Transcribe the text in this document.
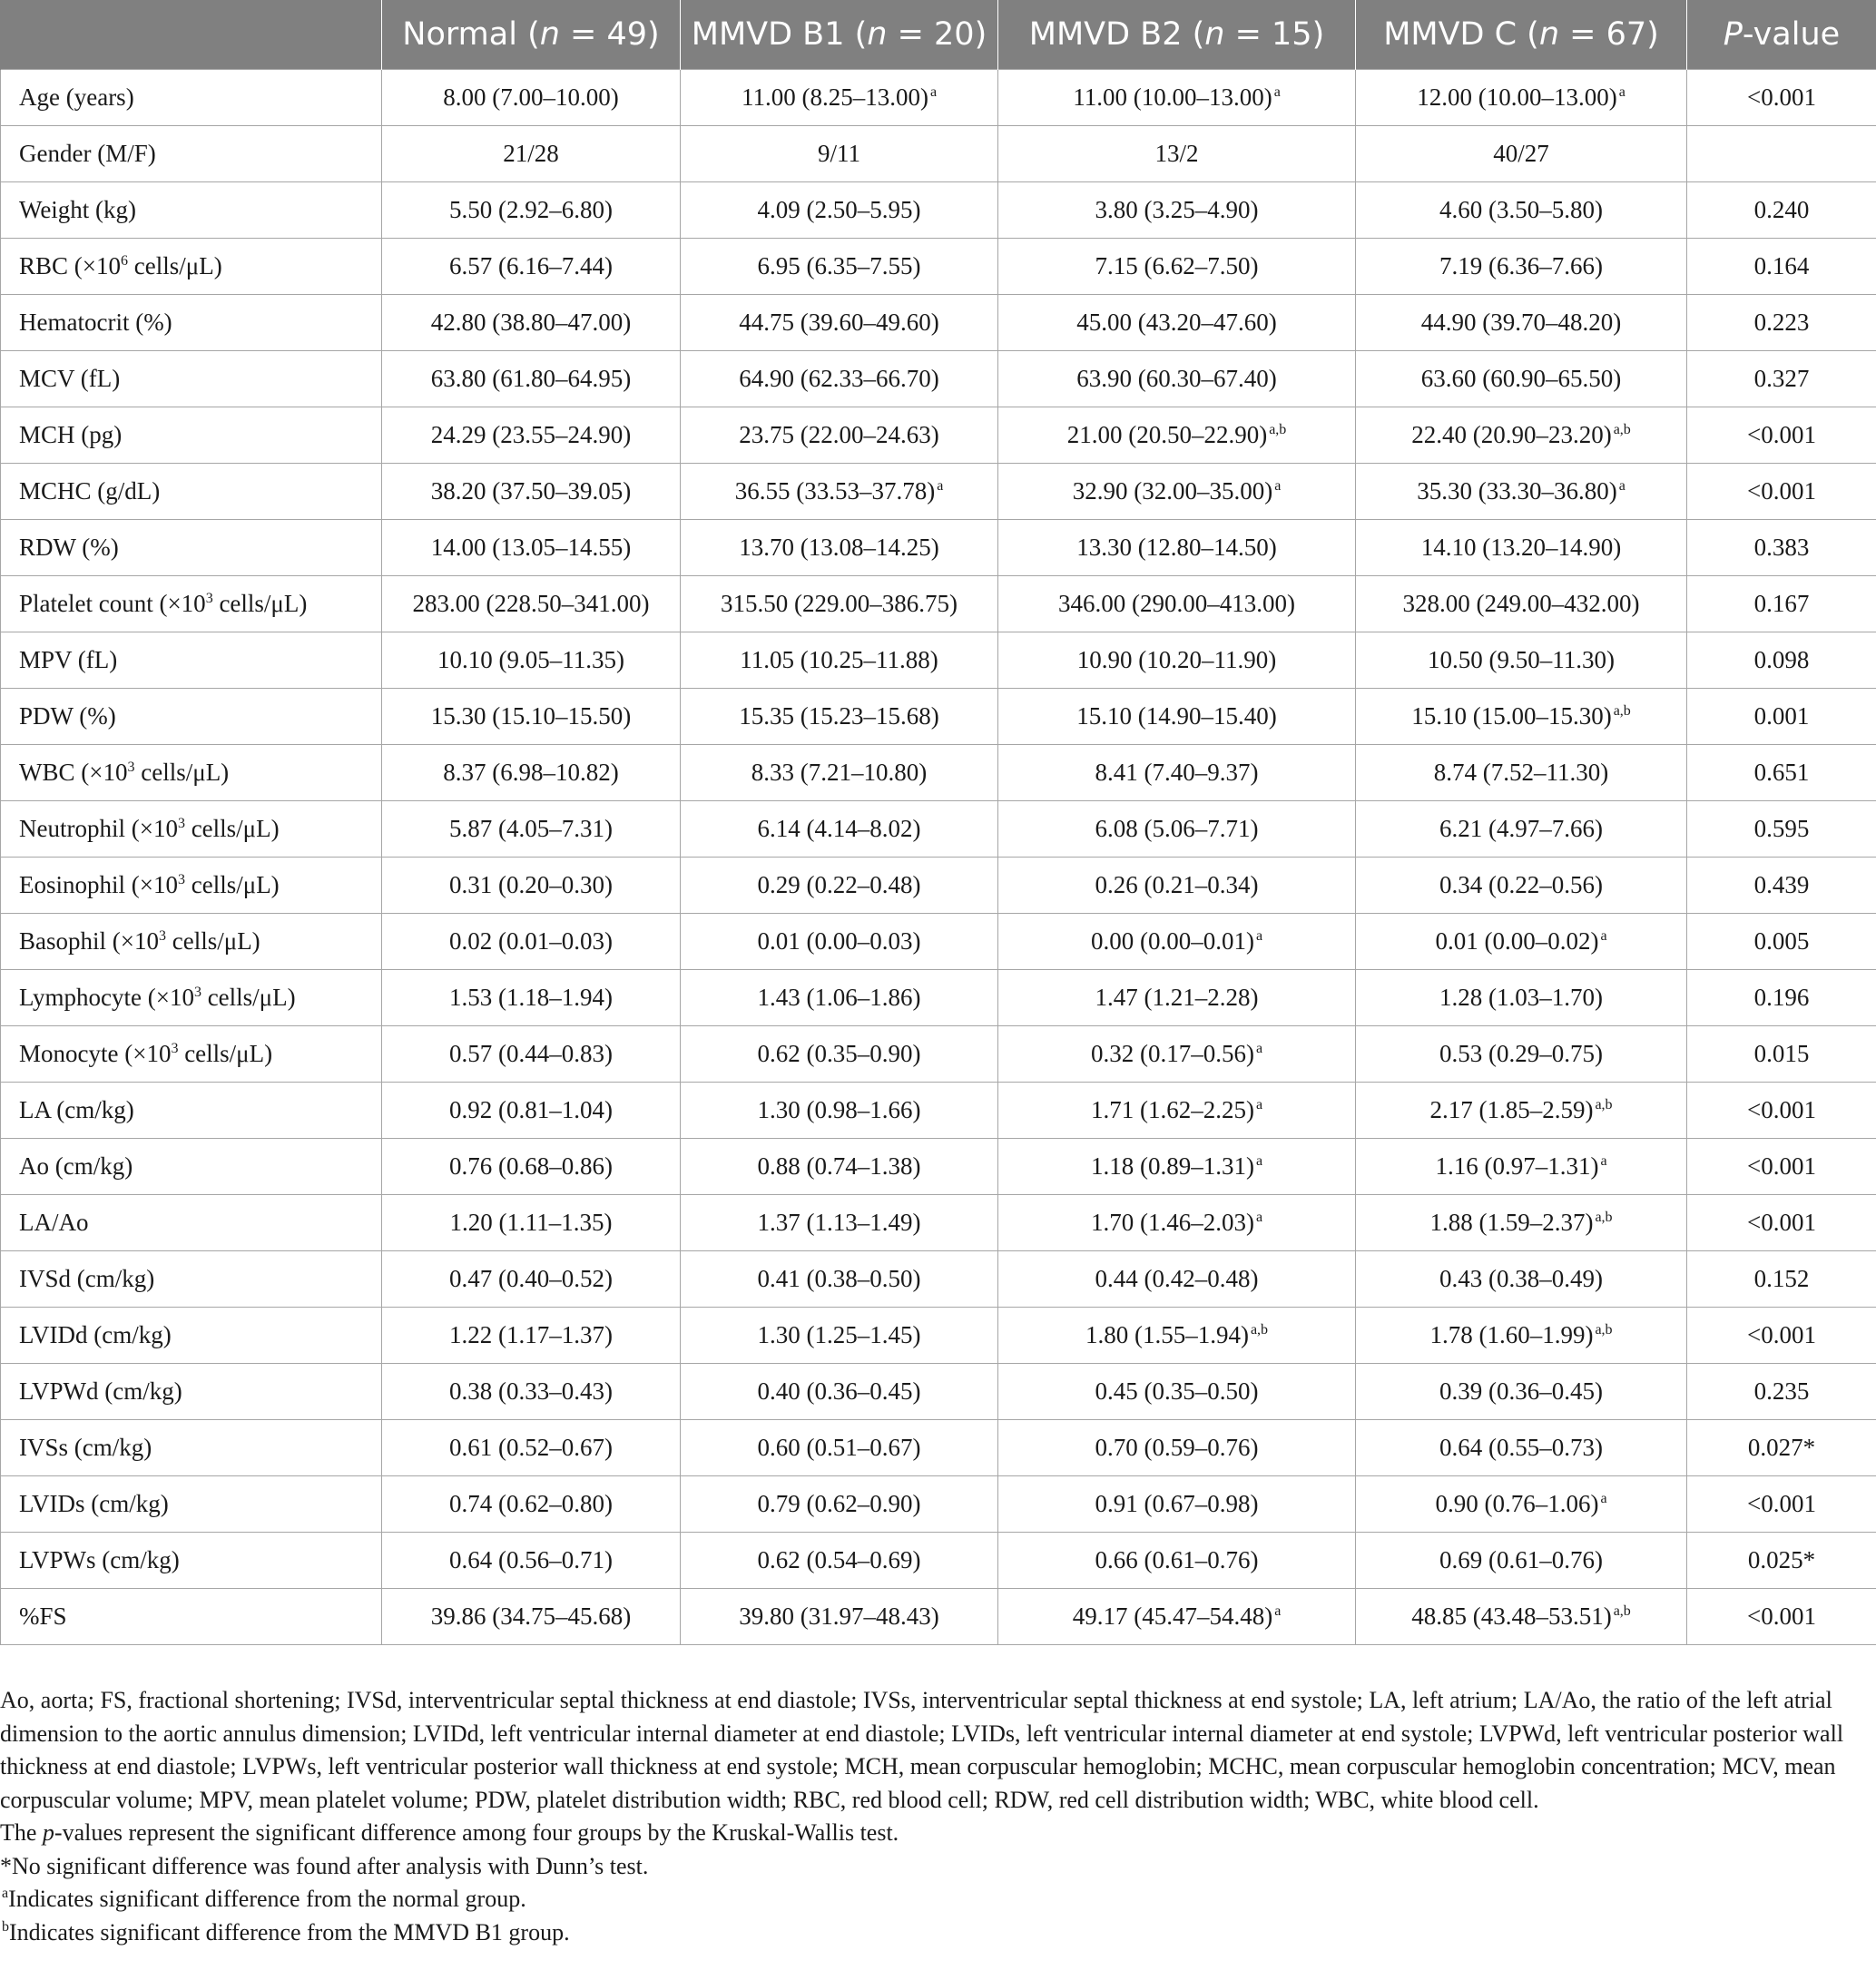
	Normal (n = 49)	MMVD B1 (n = 20)	MMVD B2 (n = 15)	MMVD C (n = 67)	P-value
Age (years)	8.00 (7.00–10.00)	11.00 (8.25–13.00) $^a$	11.00 (10.00–13.00) $^a$	12.00 (10.00–13.00) $^a$	<0.001
Gender (M/F)	21/28	9/11	13/2	40/27	
Weight (kg)	5.50 (2.92–6.80)	4.09 (2.50–5.95)	3.80 (3.25–4.90)	4.60 (3.50–5.80)	0.240
RBC ($\times 10^6$ cells/μL)	6.57 (6.16–7.44)	6.95 (6.35–7.55)	7.15 (6.62–7.50)	7.19 (6.36–7.66)	0.164
Hematocrit (%)	42.80 (38.80–47.00)	44.75 (39.60–49.60)	45.00 (43.20–47.60)	44.90 (39.70–48.20)	0.223
MCV (fL)	63.80 (61.80–64.95)	64.90 (62.33–66.70)	63.90 (60.30–67.40)	63.60 (60.90–65.50)	0.327
MCH (pg)	24.29 (23.55–24.90)	23.75 (22.00–24.63)	21.00 (20.50–22.90) $^{a,b}$	22.40 (20.90–23.20) $^{a,b}$	<0.001
MCHC (g/dL)	38.20 (37.50–39.05)	36.55 (33.53–37.78) $^a$	32.90 (32.00–35.00) $^a$	35.30 (33.30–36.80) $^a$	<0.001
RDW (%)	14.00 (13.05–14.55)	13.70 (13.08–14.25)	13.30 (12.80–14.50)	14.10 (13.20–14.90)	0.383
Platelet count ($\times 10^3$ cells/μL)	283.00 (228.50–341.00)	315.50 (229.00–386.75)	346.00 (290.00–413.00)	328.00 (249.00–432.00)	0.167
MPV (fL)	10.10 (9.05–11.35)	11.05 (10.25–11.88)	10.90 (10.20–11.90)	10.50 (9.50–11.30)	0.098
PDW (%)	15.30 (15.10–15.50)	15.35 (15.23–15.68)	15.10 (14.90–15.40)	15.10 (15.00–15.30) $^{a,b}$	0.001
WBC ($\times 10^3$ cells/μL)	8.37 (6.98–10.82)	8.33 (7.21–10.80)	8.41 (7.40–9.37)	8.74 (7.52–11.30)	0.651
Neutrophil ($\times 10^3$ cells/μL)	5.87 (4.05–7.31)	6.14 (4.14–8.02)	6.08 (5.06–7.71)	6.21 (4.97–7.66)	0.595
Eosinophil ($\times 10^3$ cells/μL)	0.31 (0.20–0.30)	0.29 (0.22–0.48)	0.26 (0.21–0.34)	0.34 (0.22–0.56)	0.439
Basophil ($\times 10^3$ cells/μL)	0.02 (0.01–0.03)	0.01 (0.00–0.03)	0.00 (0.00–0.01) $^a$	0.01 (0.00–0.02) $^a$	0.005
Lymphocyte ($\times 10^3$ cells/μL)	1.53 (1.18–1.94)	1.43 (1.06–1.86)	1.47 (1.21–2.28)	1.28 (1.03–1.70)	0.196
Monocyte ($\times 10^3$ cells/μL)	0.57 (0.44–0.83)	0.62 (0.35–0.90)	0.32 (0.17–0.56) $^a$	0.53 (0.29–0.75)	0.015
LA (cm/kg)	0.92 (0.81–1.04)	1.30 (0.98–1.66)	1.71 (1.62–2.25) $^a$	2.17 (1.85–2.59) $^{a,b}$	<0.001
Ao (cm/kg)	0.76 (0.68–0.86)	0.88 (0.74–1.38)	1.18 (0.89–1.31) $^a$	1.16 (0.97–1.31) $^a$	<0.001
LA/Ao	1.20 (1.11–1.35)	1.37 (1.13–1.49)	1.70 (1.46–2.03) $^a$	1.88 (1.59–2.37) $^{a,b}$	<0.001
IVSd (cm/kg)	0.47 (0.40–0.52)	0.41 (0.38–0.50)	0.44 (0.42–0.48)	0.43 (0.38–0.49)	0.152
LVIDd (cm/kg)	1.22 (1.17–1.37)	1.30 (1.25–1.45)	1.80 (1.55–1.94) $^{a,b}$	1.78 (1.60–1.99) $^{a,b}$	<0.001
LVPWd (cm/kg)	0.38 (0.33–0.43)	0.40 (0.36–0.45)	0.45 (0.35–0.50)	0.39 (0.36–0.45)	0.235
IVSs (cm/kg)	0.61 (0.52–0.67)	0.60 (0.51–0.67)	0.70 (0.59–0.76)	0.64 (0.55–0.73)	0.027*
LVIDs (cm/kg)	0.74 (0.62–0.80)	0.79 (0.62–0.90)	0.91 (0.67–0.98)	0.90 (0.76–1.06) $^a$	<0.001
LVPWs (cm/kg)	0.64 (0.56–0.71)	0.62 (0.54–0.69)	0.66 (0.61–0.76)	0.69 (0.61–0.76)	0.025*
%FS	39.86 (34.75–45.68)	39.80 (31.97–48.43)	49.17 (45.47–54.48) $^a$	48.85 (43.48–53.51) $^{a,b}$	<0.001

Ao, aorta; FS, fractional shortening; IVSd, interventricular septal thickness at end diastole; IVSs, interventricular septal thickness at end systole; LA, left atrium; LA/Ao, the ratio of the left atrial dimension to the aortic annulus dimension; LVIDd, left ventricular internal diameter at end diastole; LVIDs, left ventricular internal diameter at end systole; LVPWd, left ventricular posterior wall thickness at end diastole; LVPWs, left ventricular posterior wall thickness at end systole; MCH, mean corpuscular hemoglobin; MCHC, mean corpuscular hemoglobin concentration; MCV, mean corpuscular volume; MPV, mean platelet volume; PDW, platelet distribution width; RBC, red blood cell; RDW, red cell distribution width; WBC, white blood cell.

The p-values represent the significant difference among four groups by the Kruskal-Wallis test.

*No significant difference was found after analysis with Dunn’s test.

$^a$Indicates significant difference from the normal group.

$^b$Indicates significant difference from the MMVD B1 group.
